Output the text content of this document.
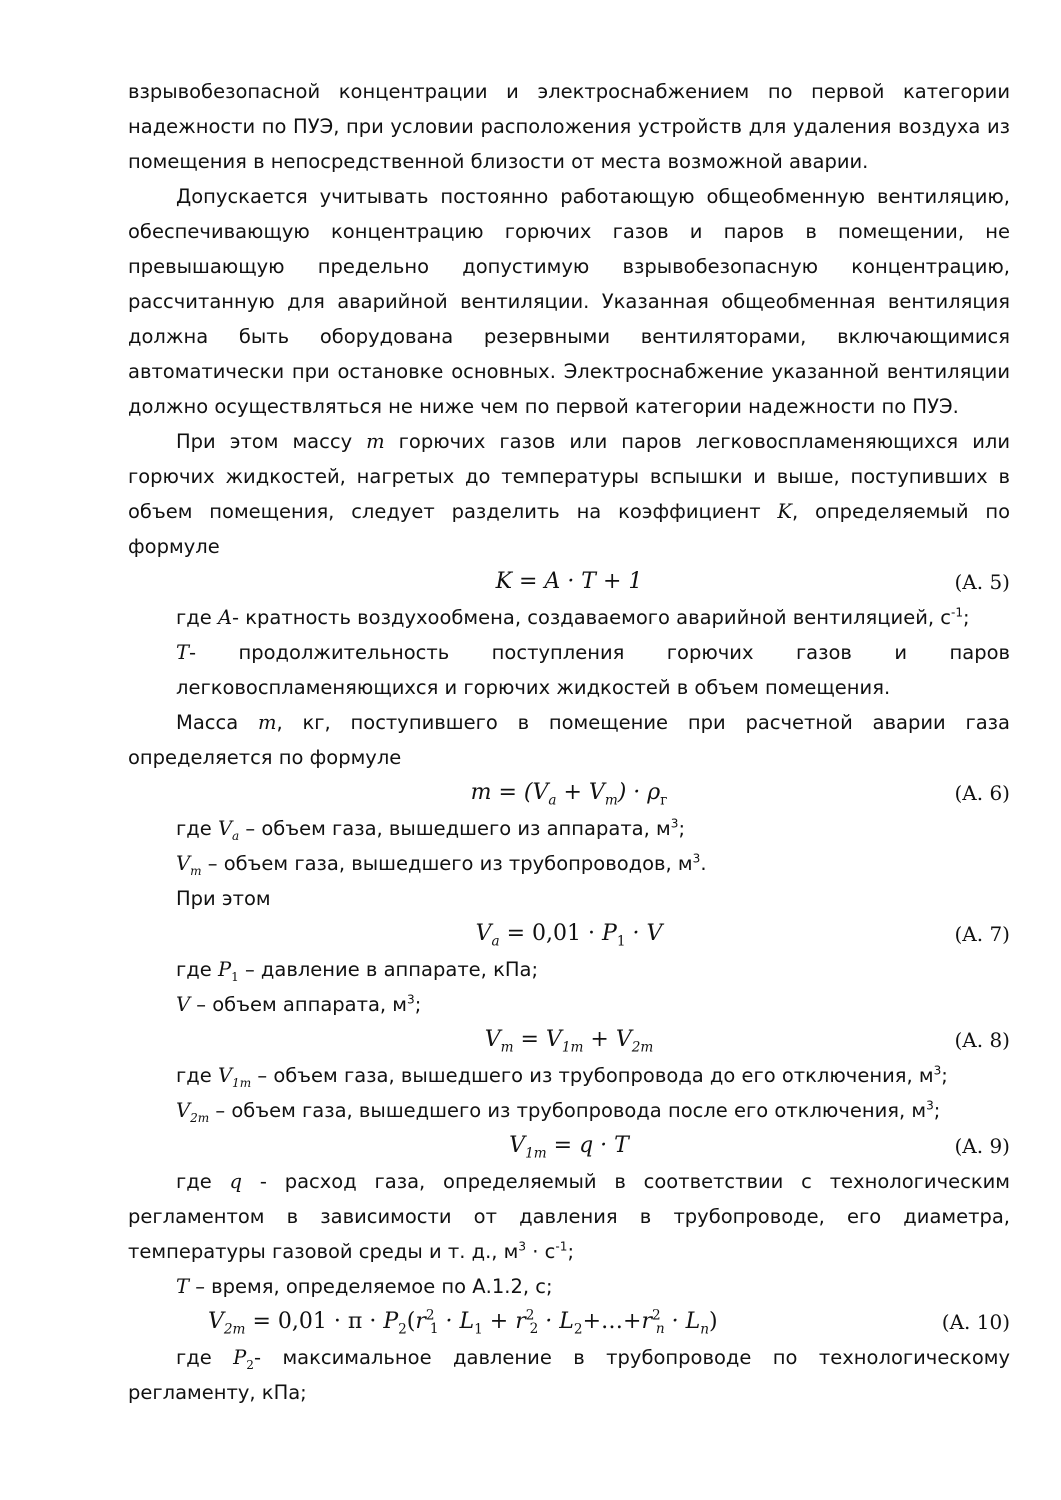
взрывобезопасной концентрации и электроснабжением по первой категории надежности по ПУЭ, при условии расположения устройств для удаления воздуха из помещения в непосредственной близости от места возможной аварии.

Допускается учитывать постоянно работающую общеобменную вентиляцию, обеспечивающую концентрацию горючих газов и паров в помещении, не превышающую предельно допустимую взрывобезопасную концентрацию, рассчитанную для аварийной вентиляции. Указанная общеобменная вентиляция должна быть оборудована резервными вентиляторами, включающимися автоматически при остановке основных. Электроснабжение указанной вентиляции должно осуществляться не ниже чем по первой категории надежности по ПУЭ.

При этом массу m горючих газов или паров легковоспламеняющихся или горючих жидкостей, нагретых до температуры вспышки и выше, поступивших в объем помещения, следует разделить на коэффициент K, определяемый по формуле

K = A · T + 1	(A. 5)
где A- кратность воздухообмена, создаваемого аварийной вентиляцией, $с^{-1}$;

T- продолжительность поступления горючих газов и паров легковоспламеняющихся и горючих жидкостей в объем помещения.

Масса m, кг, поступившего в помещение при расчетной аварии газа определяется по формуле

$m = (V_a + V_m) \cdot \rho_г$	(A. 6)
где $V_a$ – объем газа, вышедшего из аппарата, $м^3$;
$V_m$ – объем газа, вышедшего из трубопроводов, $м^3$.
При этом
$V_a = 0,01 \cdot P_1 \cdot V$	(A. 7)
где $P_1$ – давление в аппарате, кПа;
V – объем аппарата, $м^3$;
$V_m = V_{1m} + V_{2m}$	(A. 8)
где $V_{1m}$ – объем газа, вышедшего из трубопровода до его отключения, $м^3$;
$V_{2m}$ – объем газа, вышедшего из трубопровода после его отключения, $м^3$;
$V_{1m} = q \cdot T$	(A. 9)

где q - расход газа, определяемый в соответствии с технологическим регламентом в зависимости от давления в трубопроводе, его диаметра, температуры газовой среды и т. д., $м^3 \cdot с^{-1}$;

T – время, определяемое по А.1.2, с;
$V_{2m} = 0,01 \cdot \pi \cdot P_2(r^2_1 \cdot L_1 + r^2_2$ · $L_2+\dots+r^2_n \cdot L_n$)	(A. 10)

где $P_2-$ максимальное давление в трубопроводе по технологическому регламенту, кПа;
